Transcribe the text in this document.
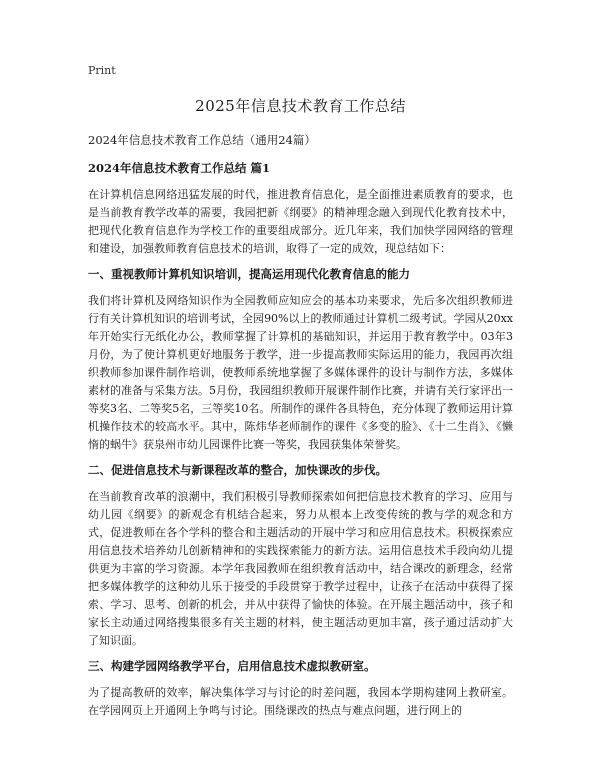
Print
2025年信息技术教育工作总结
2024年信息技术教育工作总结（通用24篇）
2024年信息技术教育工作总结 篇1

在计算机信息网络迅猛发展的时代，推进教育信息化，是全面推进素质教育的要求，也是当前教育教学改革的需要，我园把新《纲要》的精神理念融入到现代化教育技术中，把现代化教育信息作为学校工作的重要组成部分。近几年来，我们加快学园网络的管理和建设，加强教师教育信息技术的培训，取得了一定的成效，现总结如下：

一、重视教师计算机知识培训，提高运用现代化教育信息的能力

我们将计算机及网络知识作为全园教师应知应会的基本功来要求，先后多次组织教师进行有关计算机知识的培训考试，全园90%以上的教师通过计算机二级考试。学园从20xx年开始实行无纸化办公，教师掌握了计算机的基础知识，并运用于教育教学中。03年3月份，为了使计算机更好地服务于教学，进一步提高教师实际运用的能力，我园再次组织教师参加课件制作培训，使教师系统地掌握了多媒体课件的设计与制作方法，多媒体素材的准备与采集方法。5月份，我园组织教师开展课件制作比赛，并请有关行家评出一等奖3名、二等奖5名，三等奖10名。所制作的课件各具特色，充分体现了教师运用计算机操作技术的较高水平。其中，陈炜华老师制作的课件《多变的脸》、《十二生肖》、《懒惰的蜗牛》获泉州市幼儿园课件比赛一等奖，我园获集体荣誉奖。

二、促进信息技术与新课程改革的整合，加快课改的步伐。

在当前教育改革的浪潮中，我们积极引导教师探索如何把信息技术教育的学习、应用与幼儿园《纲要》的新观念有机结合起来，努力从根本上改变传统的教与学的观念和方式，促进教师在各个学科的整合和主题活动的开展中学习和应用信息技术。积极探索应用信息技术培养幼儿创新精神和的实践探索能力的新方法。运用信息技术手段向幼儿提供更为丰富的学习资源。本学年我园教师在组织教育活动中，结合课改的新理念，经常把多媒体教学的这种幼儿乐于接受的手段贯穿于教学过程中，让孩子在活动中获得了探索、学习、思考、创新的机会，并从中获得了愉快的体验。在开展主题活动中，孩子和家长主动通过网络搜集很多有关主题的材料，使主题活动更加丰富，孩子通过活动扩大了知识面。

三、构建学园网络教学平台，启用信息技术虚拟教研室。

为了提高教研的效率，解决集体学习与讨论的时差问题，我园本学期构建网上教研室。在学园网页上开通网上争鸣与讨论。围绕课改的热点与难点问题，进行网上的
